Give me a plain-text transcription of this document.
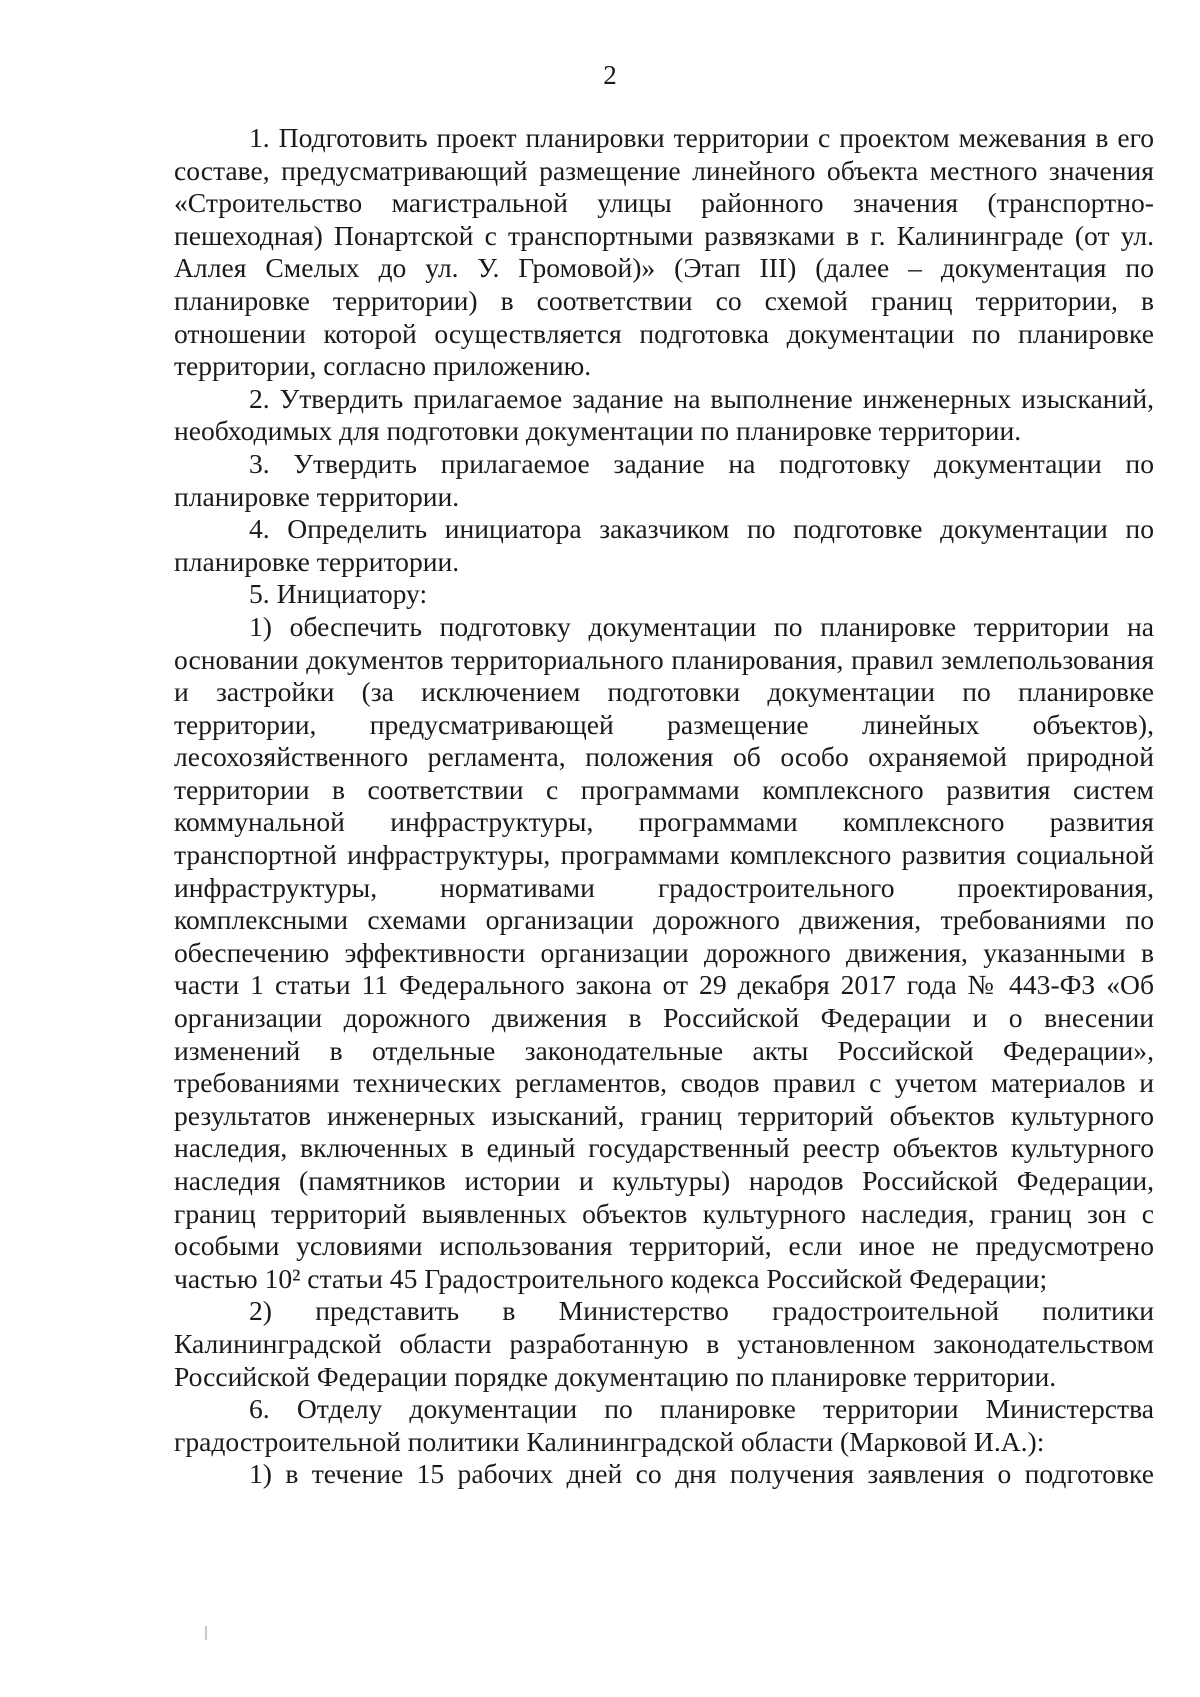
2

1. Подготовить проект планировки территории с проектом межевания в его составе, предусматривающий размещение линейного объекта местного значения «Строительство магистральной улицы районного значения (транспортно-пешеходная) Понартской с транспортными развязками в г. Калининграде (от ул. Аллея Смелых до ул. У. Громовой)» (Этап III) (далее – документация по планировке территории) в соответствии со схемой границ территории, в отношении которой осуществляется подготовка документации по планировке территории, согласно приложению.

2. Утвердить прилагаемое задание на выполнение инженерных изысканий, необходимых для подготовки документации по планировке территории.

3. Утвердить прилагаемое задание на подготовку документации по планировке территории.

4. Определить инициатора заказчиком по подготовке документации по планировке территории.

5. Инициатору:

1) обеспечить подготовку документации по планировке территории на основании документов территориального планирования, правил землепользования и застройки (за исключением подготовки документации по планировке территории, предусматривающей размещение линейных объектов), лесохозяйственного регламента, положения об особо охраняемой природной территории в соответствии с программами комплексного развития систем коммунальной инфраструктуры, программами комплексного развития транспортной инфраструктуры, программами комплексного развития социальной инфраструктуры, нормативами градостроительного проектирования, комплексными схемами организации дорожного движения, требованиями по обеспечению эффективности организации дорожного движения, указанными в части 1 статьи 11 Федерального закона от 29 декабря 2017 года № 443-ФЗ «Об организации дорожного движения в Российской Федерации и о внесении изменений в отдельные законодательные акты Российской Федерации», требованиями технических регламентов, сводов правил с учетом материалов и результатов инженерных изысканий, границ территорий объектов культурного наследия, включенных в единый государственный реестр объектов культурного наследия (памятников истории и культуры) народов Российской Федерации, границ территорий выявленных объектов культурного наследия, границ зон с особыми условиями использования территорий, если иное не предусмотрено частью 10² статьи 45 Градостроительного кодекса Российской Федерации;

2) представить в Министерство градостроительной политики Калининградской области разработанную в установленном законодательством Российской Федерации порядке документацию по планировке территории.

6. Отделу документации по планировке территории Министерства градостроительной политики Калининградской области (Марковой И.А.):

1) в течение 15 рабочих дней со дня получения заявления о подготовке
